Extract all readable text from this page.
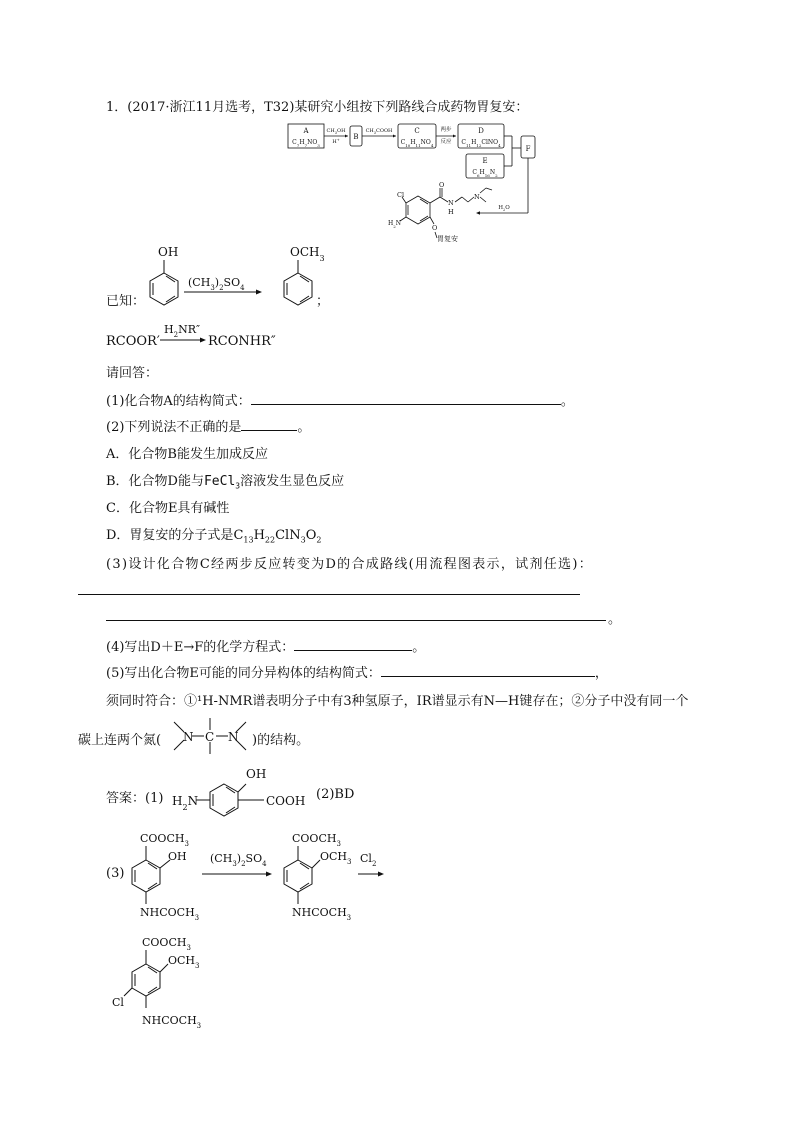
1．(2017·浙江11月选考，T32)某研究小组按下列路线合成药物胃复安：
A
$C_7H_7NO_3$
$CH_3OH$
H+ B
$CH_3COOH$	C
$C_{10}H_{11}NO_4$
两步
反应
D
$C_{11}H_{12}ClNO_4$	F
E
$C_6H_{16}N_2$
$H_2O$
O
N
H
N
Cl
$H_2N$
O
胃复安
已知：
OH	$OCH_3$
$(CH_3)_2SO_4$
；
RCOOR′
$H_2NR''$
RCONHR″
请回答：
(1)化合物A的结构简式：	。
(2)下列说法不正确的是	。
A．化合物B能发生加成反应
B．化合物D能与FeCl$_3$溶液发生显色反应
C．化合物E具有碱性
D．胃复安的分子式是$C_{13}H_{22}ClN_3O_2$
(3)设计化合物C经两步反应转变为D的合成路线(用流程图表示，试剂任选)：
。
(4)写出D＋E→F的化学方程式：	。
(5)写出化合物E可能的同分异构体的结构简式：	，
须同时符合：①¹H-NMR谱表明分子中有3种氢原子，IR谱显示有N—H键存在；②分子中没有同一个
碳上连两个氮( N C N )的结构。
答案：(1)
OH
$H_2N$	COOH (2)BD
(3)
$COOCH_3$
OH
$NHCOCH_3$
$(CH_3)_2SO_4$
$COOCH_3$
$OCH_3$
$NHCOCH_3$
$Cl_2$
$COOCH_3$
$OCH_3$
Cl
$NHCOCH_3$
